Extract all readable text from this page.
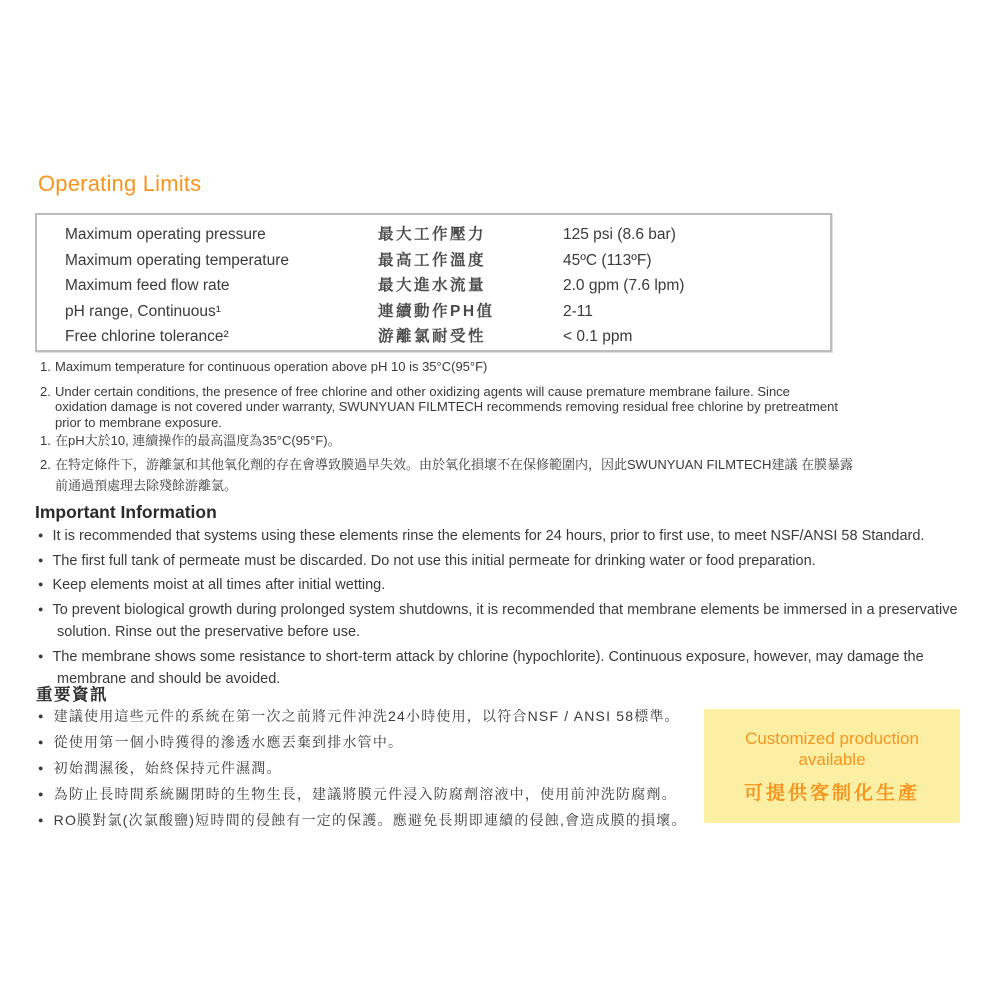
Operating Limits
Maximum operating pressure	最大工作壓力	125 psi (8.6 bar)
Maximum operating temperature	最高工作溫度	45ºC (113ºF)
Maximum feed flow rate	最大進水流量	2.0 gpm (7.6 lpm)
pH range, Continuous¹	連續動作PH值	2-11
Free chlorine tolerance²	游離氯耐受性	< 0.1 ppm
1. Maximum temperature for continuous operation above pH 10 is 35°C(95°F)
2. Under certain conditions, the presence of free chlorine and other oxidizing agents will cause premature membrane failure. Since oxidation damage is not covered under warranty, SWUNYUAN FILMTECH recommends removing residual free chlorine by pretreatment prior to membrane exposure.
1. 在pH大於10, 連續操作的最高溫度為35°C(95°F)。
2. 在特定條件下，游離氯和其他氧化劑的存在會導致膜過早失效。由於氧化損壞不在保修範圍内，因此SWUNYUAN FILMTECH建議 在膜暴露前通過預處理去除殘餘游離氯。
Important Information
● It is recommended that systems using these elements rinse the elements for 24 hours, prior to first use, to meet NSF/ANSI 58 Standard.
● The first full tank of permeate must be discarded. Do not use this initial permeate for drinking water or food preparation.
● Keep elements moist at all times after initial wetting.
● To prevent biological growth during prolonged system shutdowns, it is recommended that membrane elements be immersed in a preservative solution. Rinse out the preservative before use.
● The membrane shows some resistance to short-term attack by chlorine (hypochlorite). Continuous exposure, however, may damage the membrane and should be avoided.
重要資訊
● 建議使用這些元件的系統在第一次之前將元件沖洗24小時使用，以符合NSF / ANSI 58標準。
● 從使用第一個小時獲得的滲透水應丟棄到排水管中。
● 初始潤濕後，始終保持元件濕潤。
● 為防止長時間系統關閉時的生物生長，建議將膜元件浸入防腐劑溶液中，使用前沖洗防腐劑。
● RO膜對氯(次氯酸鹽)短時間的侵蝕有一定的保護。應避免長期即連續的侵蝕,會造成膜的損壞。
Customized production available
可提供客制化生產
